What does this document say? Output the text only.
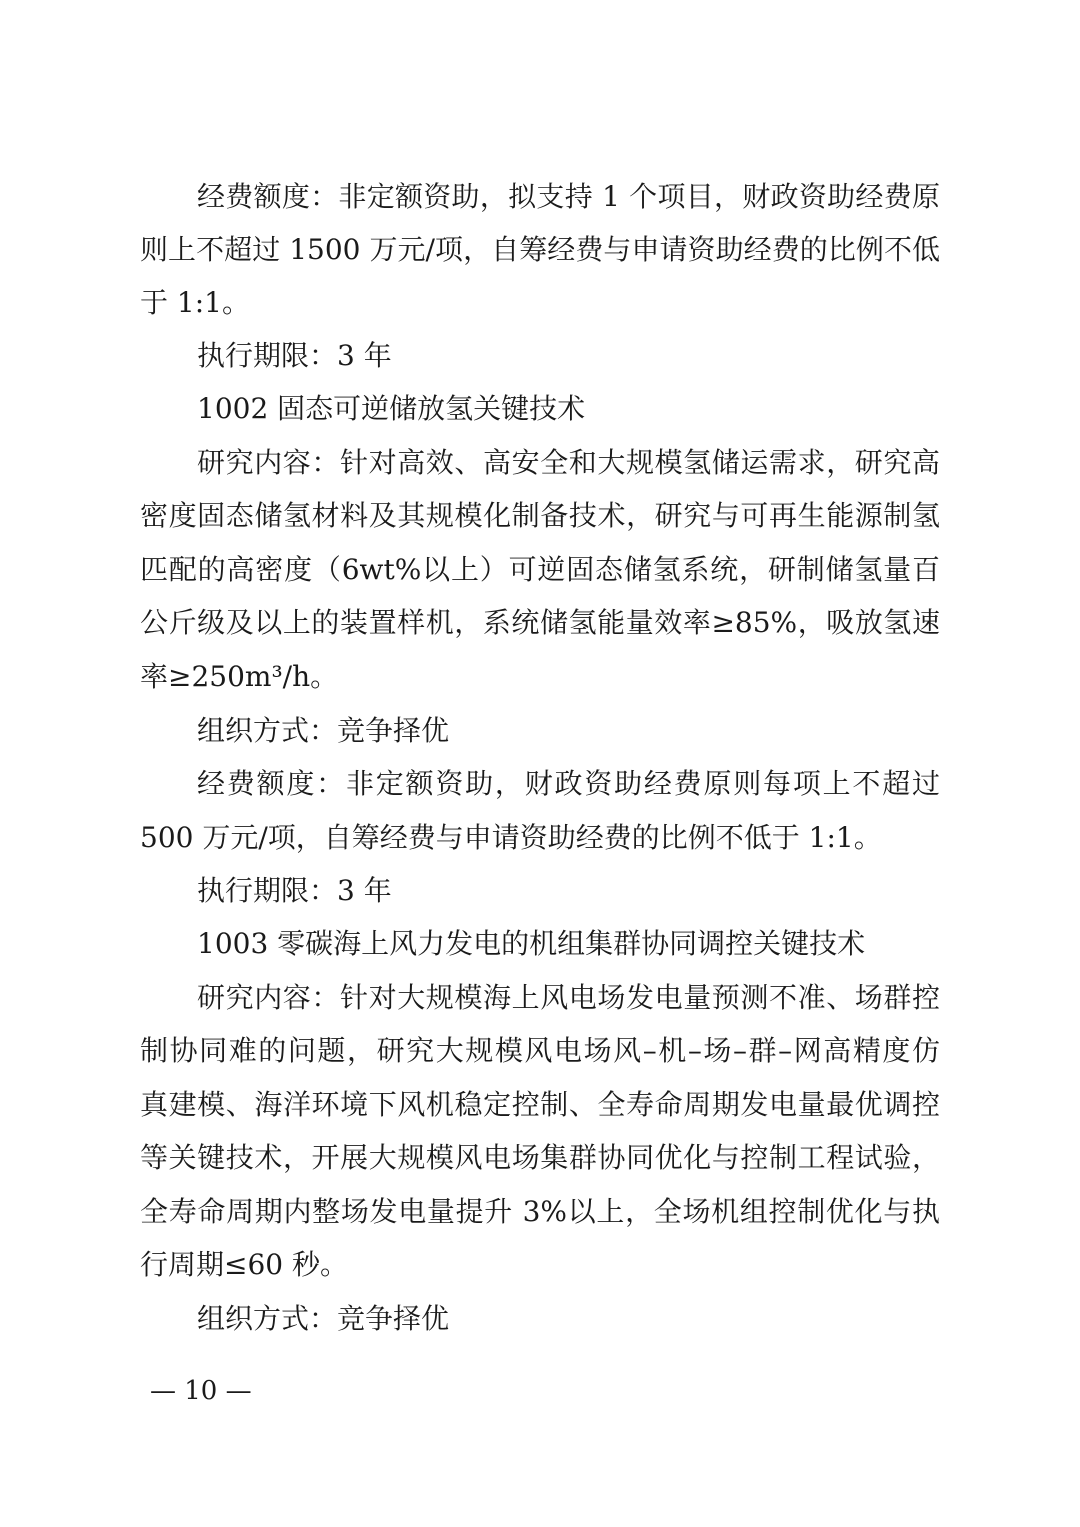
经费额度：非定额资助，拟支持 1 个项目，财政资助经费原
则上不超过 1500 万元/项，自筹经费与申请资助经费的比例不低
于 1:1。
执行期限：3 年
1002 固态可逆储放氢关键技术
研究内容：针对高效、高安全和大规模氢储运需求，研究高
密度固态储氢材料及其规模化制备技术，研究与可再生能源制氢
匹配的高密度（6wt%以上）可逆固态储氢系统，研制储氢量百
公斤级及以上的装置样机，系统储氢能量效率≥85%，吸放氢速
率≥250m³/h。
组织方式：竞争择优
经费额度：非定额资助，财政资助经费原则每项上不超过
500 万元/项，自筹经费与申请资助经费的比例不低于 1:1。
执行期限：3 年
1003 零碳海上风力发电的机组集群协同调控关键技术
研究内容：针对大规模海上风电场发电量预测不准、场群控
制协同难的问题，研究大规模风电场风–机–场–群–网高精度仿
真建模、海洋环境下风机稳定控制、全寿命周期发电量最优调控
等关键技术，开展大规模风电场集群协同优化与控制工程试验，
全寿命周期内整场发电量提升 3%以上，全场机组控制优化与执
行周期≤60 秒。
组织方式：竞争择优
— 10 —
